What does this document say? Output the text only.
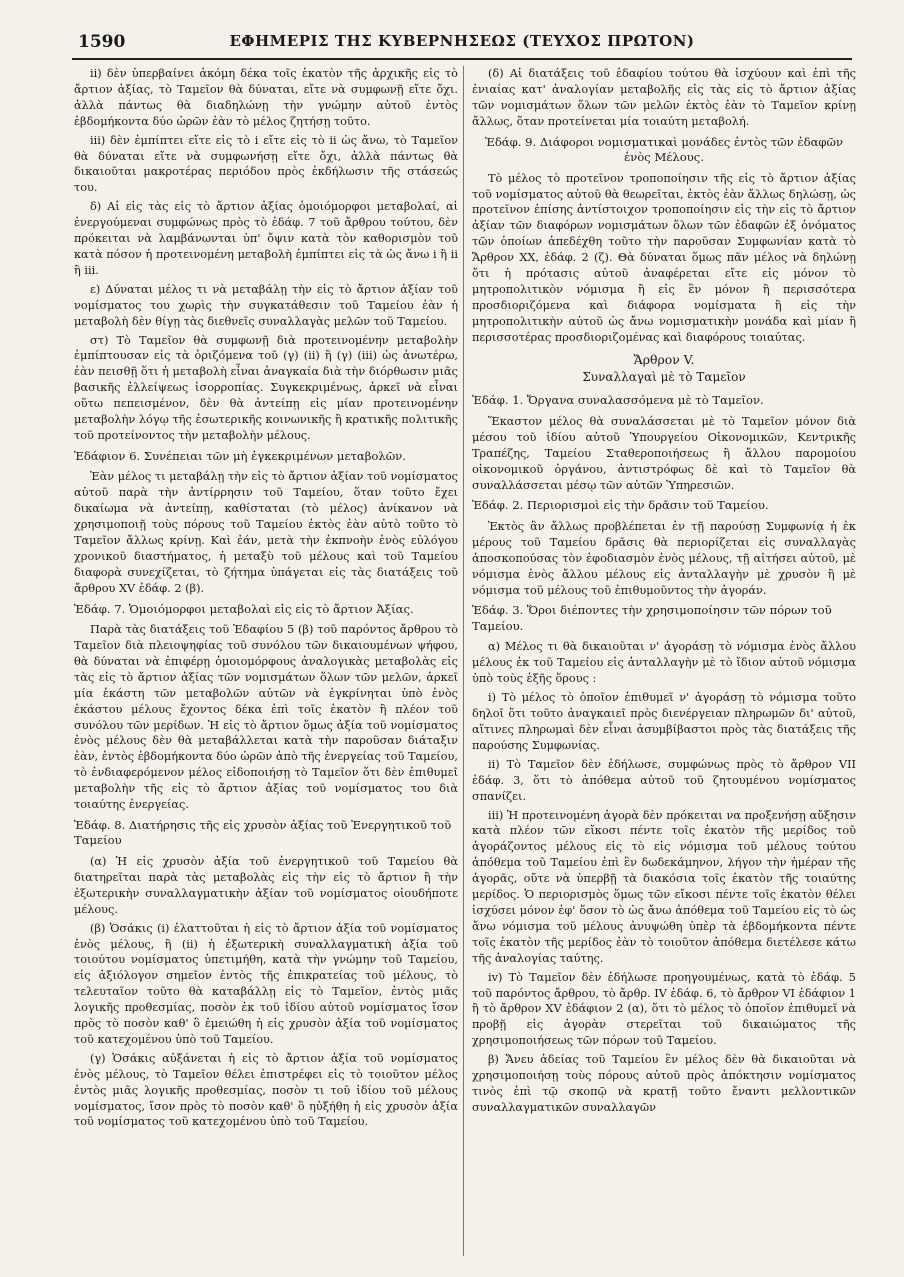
1590	ΕΦΗΜΕΡΙΣ ΤΗΣ ΚΥΒΕΡΝΗΣΕΩΣ (ΤΕΥΧΟΣ ΠΡΩΤΟΝ)

ii) δὲν ὑπερβαίνει ἀκόμη δέκα τοῖς ἑκατὸν τῆς ἀρχικῆς εἰς τὸ ἄρτιον ἀξίας, τὸ Ταμεῖον θὰ δύναται, εἴτε νὰ συμφωνῇ εἴτε ὄχι. ἀλλὰ πάντως θὰ διαδηλώνῃ τὴν γνώμην αὐτοῦ ἐντὸς ἑβδομήκοντα δύο ὡρῶν ἐὰν τὸ μέλος ζητήσῃ τοῦτο.

iii) δὲν ἐμπίπτει εἴτε εἰς τὸ i εἴτε εἰς τὸ ii ὡς ἄνω, τὸ Ταμεῖον θὰ δύναται εἴτε νὰ συμφωνήσῃ εἴτε ὄχι, ἀλλὰ πάντως θὰ δικαιοῦται μακροτέρας περιόδου πρὸς ἐκδήλωσιν τῆς στάσεώς του.

δ) Αἱ εἰς τὰς εἰς τὸ ἄρτιον ἀξίας ὁμοιόμορφοι μεταβολαί, αἱ ἐνεργούμεναι συμφώνως πρὸς τὸ ἐδάφ. 7 τοῦ ἄρθρου τούτου, δὲν πρόκειται νὰ λαμβάνωνται ὑπ' ὄψιν κατὰ τὸν καθορισμὸν τοῦ κατὰ πόσον ἡ προτεινομένη μεταβολὴ ἐμπίπτει εἰς τὰ ὡς ἄνω i ἢ ii ἢ iii.

ε) Δύναται μέλος τι νὰ μεταβάλῃ τὴν εἰς τὸ ἄρτιον ἀξίαν τοῦ νομίσματος του χωρὶς τὴν συγκατάθεσιν τοῦ Ταμείου ἐὰν ἡ μεταβολὴ δὲν θίγῃ τὰς διεθνεῖς συναλλαγὰς μελῶν τοῦ Ταμείου.

στ) Τὸ Ταμεῖον θὰ συμφωνῇ διὰ προτεινομένην μεταβολὴν ἐμπίπτουσαν εἰς τὰ ὁριζόμενα τοῦ (γ) (ii) ἢ (γ) (iii) ὡς ἀνωτέρω, ἐὰν πεισθῇ ὅτι ἡ μεταβολὴ εἶναι ἀναγκαία διὰ τὴν διόρθωσιν μιᾶς βασικῆς ἐλλείψεως ἰσορροπίας. Συγκεκριμένως, ἀρκεῖ νὰ εἶναι οὕτω πεπεισμένον, δὲν θὰ ἀντείπῃ εἰς μίαν προτεινομένην μεταβολὴν λόγῳ τῆς ἐσωτερικῆς κοινωνικῆς ἢ κρατικῆς πολιτικῆς τοῦ προτείνοντος τὴν μεταβολὴν μέλους.

Ἐδάφιον 6. Συνέπειαι τῶν μὴ ἐγκεκριμένων μεταβολῶν.

Ἐὰν μέλος τι μεταβάλῃ τὴν εἰς τὸ ἄρτιον ἀξίαν τοῦ νομίσματος αὐτοῦ παρὰ τὴν ἀντίρρησιν τοῦ Ταμείου, ὅταν τοῦτο ἔχει δικαίωμα νὰ ἀντείπῃ, καθίσταται (τὸ μέλος) ἀνίκανον νὰ χρησιμοποιῇ τοὺς πόρους τοῦ Ταμείου ἐκτὸς ἐὰν αὐτὸ τοῦτο τὸ Ταμεῖον ἄλλως κρίνῃ. Καὶ ἐάν, μετὰ τὴν ἐκπνοὴν ἑνὸς εὐλόγου χρονικοῦ διαστήματος, ἡ μεταξὺ τοῦ μέλους καὶ τοῦ Ταμείου διαφορὰ συνεχίζεται, τὸ ζήτημα ὑπάγεται εἰς τὰς διατάξεις τοῦ ἄρθρου XV ἐδάφ. 2 (β).

Ἐδάφ. 7. Ὁμοιόμορφοι μεταβολαὶ εἰς εἰς τὸ ἄρτιον Ἀξίας.

Παρὰ τὰς διατάξεις τοῦ Ἐδαφίου 5 (β) τοῦ παρόντος ἄρθρου τὸ Ταμεῖον διὰ πλειοψηφίας τοῦ συνόλου τῶν δικαιουμένων ψήφου, θὰ δύναται νὰ ἐπιφέρῃ ὁμοιομόρφους ἀναλογικὰς μεταβολὰς εἰς τὰς εἰς τὸ ἄρτιον ἀξίας τῶν νομισμάτων ὅλων τῶν μελῶν, ἀρκεῖ μία ἑκάστη τῶν μεταβολῶν αὐτῶν νὰ ἐγκρίνηται ὑπὸ ἑνὸς ἑκάστου μέλους ἔχοντος δέκα ἐπὶ τοῖς ἑκατὸν ἢ πλέον τοῦ συνόλου τῶν μερίδων. Ἡ εἰς τὸ ἄρτιον ὅμως ἀξία τοῦ νομίσματος ἑνὸς μέλους δὲν θὰ μεταβάλλεται κατὰ τὴν παροῦσαν διάταξιν ἐὰν, ἐντὸς ἑβδομήκοντα δύο ὡρῶν ἀπὸ τῆς ἐνεργείας τοῦ Ταμείου, τὸ ἐνδιαφερόμενον μέλος εἰδοποιήσῃ τὸ Ταμεῖον ὅτι δὲν ἐπιθυμεῖ μεταβολὴν τῆς εἰς τὸ ἄρτιον ἀξίας τοῦ νομίσματος του διὰ τοιαύτης ἐνεργείας.

Ἐδάφ. 8. Διατήρησις τῆς εἰς χρυσὸν ἀξίας τοῦ Ἐνεργητικοῦ τοῦ Ταμείου

(α) Ἡ εἰς χρυσὸν ἀξία τοῦ ἐνεργητικοῦ τοῦ Ταμείου θὰ διατηρεῖται παρὰ τὰς μεταβολὰς εἰς τὴν εἰς τὸ ἄρτιον ἢ τὴν ἐξωτερικὴν συναλλαγματικὴν ἀξίαν τοῦ νομίσματος οἱουδήποτε μέλους.

(β) Ὁσάκις (i) ἐλαττοῦται ἡ εἰς τὸ ἄρτιον ἀξία τοῦ νομίσματος ἑνὸς μέλους, ἢ (ii) ἡ ἐξωτερικὴ συναλλαγματικὴ ἀξία τοῦ τοιούτου νομίσματος ὑπετιμήθη, κατὰ τὴν γνώμην τοῦ Ταμείου, εἰς ἀξιόλογον σημεῖον ἐντὸς τῆς ἐπικρατείας τοῦ μέλους, τὸ τελευταῖον τοῦτο θὰ καταβάλλῃ εἰς τὸ Ταμεῖον, ἐντὸς μιᾶς λογικῆς προθεσμίας, ποσὸν ἐκ τοῦ ἰδίου αὐτοῦ νομίσματος ἴσον πρὸς τὸ ποσὸν καθ' ὃ ἐμειώθη ἡ εἰς χρυσὸν ἀξία τοῦ νομίσματος τοῦ κατεχομένου ὑπὸ τοῦ Ταμείου.

(γ) Ὁσάκις αὐξάνεται ἡ εἰς τὸ ἄρτιον ἀξία τοῦ νομίσματος ἑνὸς μέλους, τὸ Ταμεῖον θέλει ἐπιστρέφει εἰς τὸ τοιοῦτον μέλος ἐντὸς μιᾶς λογικῆς προθεσμίας, ποσὸν τι τοῦ ἰδίου τοῦ μέλους νομίσματος, ἴσον πρὸς τὸ ποσὸν καθ' ὃ ηὐξήθη ἡ εἰς χρυσὸν ἀξία τοῦ νομίσματος τοῦ κατεχομένου ὑπὸ τοῦ Ταμείου.

(δ) Αἱ διατάξεις τοῦ ἐδαφίου τούτου θὰ ἰσχύουν καὶ ἐπὶ τῆς ἐνιαίας κατ' ἀναλογίαν μεταβολῆς εἰς τὰς εἰς τὸ ἄρτιον ἀξίας τῶν νομισμάτων ὅλων τῶν μελῶν ἐκτὸς ἐὰν τὸ Ταμεῖον κρίνῃ ἄλλως, ὅταν προτείνεται μία τοιαύτη μεταβολή.

Ἐδάφ. 9. Διάφοροι νομισματικαὶ μονάδες ἐντὸς τῶν ἐδαφῶν ἑνὸς Μέλους.

Τὸ μέλος τὸ προτεῖνον τροποποίησιν τῆς εἰς τὸ ἄρτιον ἀξίας τοῦ νομίσματος αὐτοῦ θὰ θεωρεῖται, ἐκτὸς ἐὰν ἄλλως δηλώσῃ, ὡς προτεῖνον ἐπίσης ἀντίστοιχον τροποποίησιν εἰς τὴν εἰς τὸ ἄρτιον ἀξίαν τῶν διαφόρων νομισμάτων ὅλων τῶν ἐδαφῶν ἐξ ὀνόματος τῶν ὁποίων ἀπεδέχθη τοῦτο τὴν παροῦσαν Συμφωνίαν κατὰ τὸ Ἄρθρον XX, ἐδάφ. 2 (ζ). Θὰ δύναται ὅμως πᾶν μέλος νὰ δηλώνῃ ὅτι ἡ πρότασις αὐτοῦ ἀναφέρεται εἴτε εἰς μόνον τὸ μητροπολιτικὸν νόμισμα ἢ εἰς ἓν μόνον ἢ περισσότερα προσδιοριζόμενα καὶ διάφορα νομίσματα ἢ εἰς τὴν μητροπολιτικὴν αὐτοῦ ὡς ἄνω νομισματικὴν μονάδα καὶ μίαν ἢ περισσοτέρας προσδιοριζομένας καὶ διαφόρους τοιαύτας.

Ἄρθρον V.
Συναλλαγαὶ μὲ τὸ Ταμεῖον
Ἐδάφ. 1. Ὄργανα συναλασσόμενα μὲ τὸ Ταμεῖον.

Ἕκαστον μέλος θὰ συναλάσσεται μὲ τὸ Ταμεῖον μόνον διὰ μέσου τοῦ ἰδίου αὐτοῦ Ὑπουργείου Οἰκονομικῶν, Κεντρικῆς Τραπέζης, Ταμείου Σταθεροποιήσεως ἢ ἄλλου παρομοίου οἰκονομικοῦ ὀργάνου, ἀντιστρόφως δὲ καὶ τὸ Ταμεῖον θὰ συναλλάσσεται μέσῳ τῶν αὐτῶν Ὑπηρεσιῶν.

Ἐδάφ. 2. Περιορισμοὶ εἰς τὴν δρᾶσιν τοῦ Ταμείου.

Ἐκτὸς ἂν ἄλλως προβλέπεται ἐν τῇ παρούσῃ Συμφωνίᾳ ἡ ἐκ μέρους τοῦ Ταμείου δρᾶσις θὰ περιορίζεται εἰς συναλλαγὰς ἀποσκοπούσας τὸν ἐφοδιασμὸν ἑνὸς μέλους, τῇ αἰτήσει αὐτοῦ, μὲ νόμισμα ἑνὸς ἄλλου μέλους εἰς ἀνταλλαγὴν μὲ χρυσὸν ἢ μὲ νόμισμα τοῦ μέλους τοῦ ἐπιθυμοῦντος τὴν ἀγοράν.

Ἐδάφ. 3. Ὅροι διέποντες τὴν χρησιμοποίησιν τῶν πόρων τοῦ Ταμείου.

α) Μέλος τι θὰ δικαιοῦται ν' ἀγοράσῃ τὸ νόμισμα ἑνὸς ἄλλου μέλους ἐκ τοῦ Ταμείου εἰς ἀνταλλαγὴν μὲ τὸ ἴδιον αὐτοῦ νόμισμα ὑπὸ τοὺς ἑξῆς ὅρους :

i) Τὸ μέλος τὸ ὁποῖον ἐπιθυμεῖ ν' ἀγοράσῃ τὸ νόμισμα τοῦτο δηλοῖ ὅτι τοῦτο ἀναγκαιεῖ πρὸς διενέργειαν πληρωμῶν δι' αὐτοῦ, αἵτινες πληρωμαὶ δὲν εἶναι ἀσυμβίβαστοι πρὸς τὰς διατάξεις τῆς παρούσης Συμφωνίας.

ii) Τὸ Ταμεῖον δὲν ἐδήλωσε, συμφώνως πρὸς τὸ ἄρθρον VII ἐδάφ. 3, ὅτι τὸ ἀπόθεμα αὐτοῦ τοῦ ζητουμένου νομίσματος σπανίζει.

iii) Ἡ προτεινομένη ἀγορὰ δὲν πρόκειται να προξενήσῃ αὔξησιν κατὰ πλέον τῶν εἴκοσι πέντε τοῖς ἑκατὸν τῆς μερίδος τοῦ ἀγοράζοντος μέλους εἰς τὸ εἰς νόμισμα τοῦ μέλους τούτου ἀπόθεμα τοῦ Ταμείου ἐπὶ ἓν δωδεκάμηνον, λήγον τὴν ἡμέραν τῆς ἀγορᾶς, οὔτε νὰ ὑπερβῇ τὰ διακόσια τοῖς ἑκατὸν τῆς τοιαύτης μερίδος. Ὁ περιορισμὸς ὅμως τῶν εἴκοσι πέντε τοῖς ἑκατὸν θέλει ἰσχύσει μόνον ἐφ' ὅσον τὸ ὡς ἄνω ἀπόθεμα τοῦ Ταμείου εἰς τὸ ὡς ἄνω νόμισμα τοῦ μέλους ἀνυψώθη ὑπὲρ τὰ ἑβδομήκοντα πέντε τοῖς ἑκατὸν τῆς μερίδος ἐὰν τὸ τοιοῦτον ἀπόθεμα διετέλεσε κάτω τῆς ἀναλογίας ταύτης.

iv) Τὸ Ταμεῖον δὲν ἐδήλωσε προηγουμένως, κατὰ τὸ ἐδάφ. 5 τοῦ παρόντος ἄρθρου, τὸ ἄρθρ. IV ἐδάφ. 6, τὸ ἄρθρον VI ἐδάφιον 1 ἢ τὸ ἄρθρον XV ἐδάφιον 2 (α), ὅτι τὸ μέλος τὸ ὁποῖον ἐπιθυμεῖ νὰ προβῇ εἰς ἀγορὰν στερεῖται τοῦ δικαιώματος τῆς χρησιμοποιήσεως τῶν πόρων τοῦ Ταμείου.

β) Ἄνευ ἀδείας τοῦ Ταμείου ἓν μέλος δὲν θὰ δικαιοῦται νὰ χρησιμοποιήσῃ τοὺς πόρους αὐτοῦ πρὸς ἀπόκτησιν νομίσματος τινὸς ἐπὶ τῷ σκοπῷ νὰ κρατῇ τοῦτο ἔναντι μελλοντικῶν συναλλαγματικῶν συναλλαγῶν
